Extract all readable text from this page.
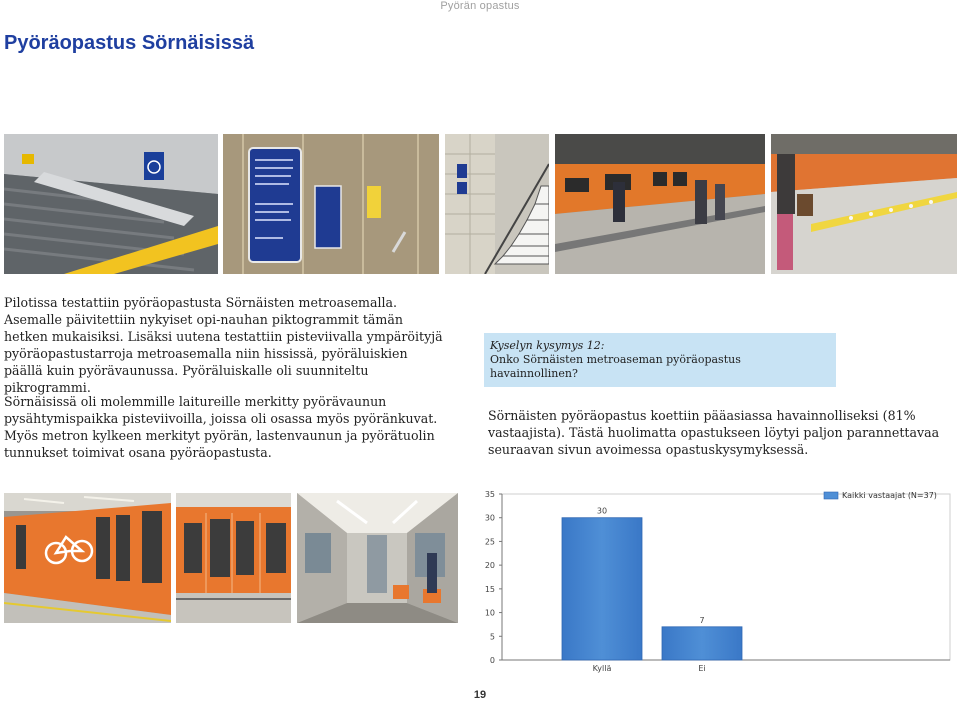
Pyörän opastus
Pyöräopastus Sörnäisissä

Pilotissa testattiin pyöräopastusta Sörnäisten metroasemalla. Asemalle päivitettiin nykyiset opi-nauhan piktogrammit tämän hetken mukaisiksi. Lisäksi uutena testattiin pisteviivalla ympäröityjä pyöräopastustarroja metroasemalla niin hississä, pyöräluiskien päällä kuin pyörävaunussa. Pyöräluiskalle oli suunniteltu pikrogrammi.

Sörnäisissä oli molemmille laitureille merkitty pyörävaunun pysähtymispaikka pisteviivoilla, joissa oli osassa myös pyöränkuvat. Myös metron kylkeen merkityt pyörän, lastenvaunun ja pyörätuolin tunnukset toimivat osana pyöräopastusta.

Kyselyn kysymys 12:
Onko Sörnäisten metroaseman pyöräopastus havainnollinen?

Sörnäisten pyöräopastus koettiin pääasiassa havainnolliseksi (81% vastaajista). Tästä huolimatta opastukseen löytyi paljon parannettavaa seuraavan sivun avoimessa opastuskysymyksessä.

0
5
10
15
20
25
30
35
30
Kyllä
7
Ei
Kaikki vastaajat (N=37)
19
